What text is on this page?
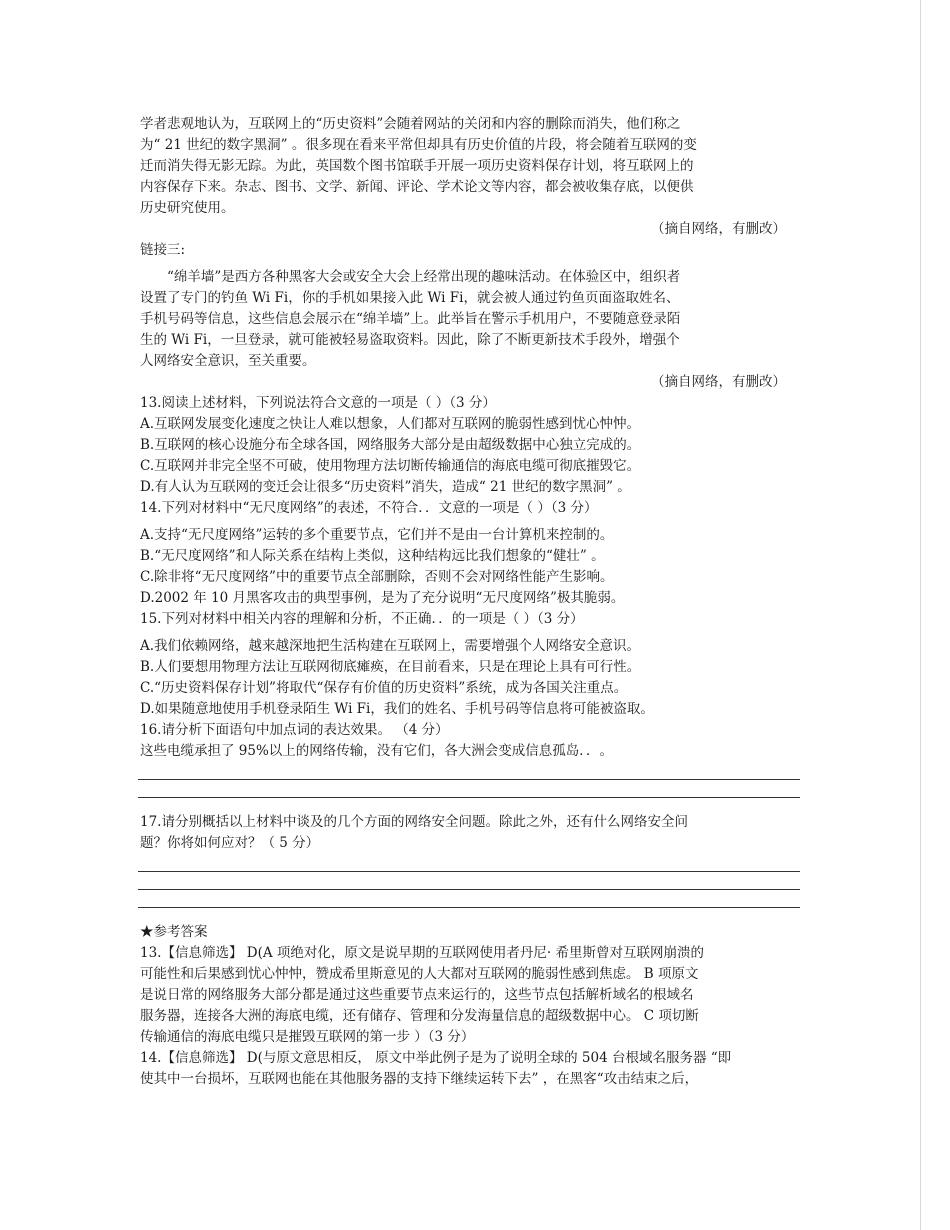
学者悲观地认为，互联网上的“历史资料”会随着网站的关闭和内容的删除而消失，他们称之
为“ 21 世纪的数字黑洞” 。很多现在看来平常但却具有历史价值的片段，将会随着互联网的变
迁而消失得无影无踪。为此，英国数个图书馆联手开展一项历史资料保存计划，将互联网上的
内容保存下来。杂志、图书、文学、新闻、评论、学术论文等内容，都会被收集存底，以便供
历史研究使用。
（摘自网络，有删改）
链接三:
“绵羊墙”是西方各种黑客大会或安全大会上经常出现的趣味活动。在体验区中，组织者
设置了专门的钓鱼 Wi Fi，你的手机如果接入此 Wi Fi，就会被人通过钓鱼页面盗取姓名、
手机号码等信息，这些信息会展示在“绵羊墙”上。此举旨在警示手机用户，不要随意登录陌
生的 Wi Fi，一旦登录，就可能被轻易盗取资料。因此，除了不断更新技术手段外，增强个
人网络安全意识，至关重要。
（摘自网络，有删改）
13.阅读上述材料，下列说法符合文意的一项是（ ）（3 分）
A.互联网发展变化速度之快让人难以想象，人们都对互联网的脆弱性感到忧心忡忡。
B.互联网的核心设施分布全球各国，网络服务大部分是由超级数据中心独立完成的。
C.互联网并非完全坚不可破，使用物理方法切断传输通信的海底电缆可彻底摧毁它。
D.有人认为互联网的变迁会让很多“历史资料”消失，造成“ 21 世纪的数字黑洞” 。
14.下列对材料中“无尺度网络”的表述，不符合．．文意的一项是（ ）（3 分）
A.支持“无尺度网络”运转的多个重要节点，它们并不是由一台计算机来控制的。
B.“无尺度网络”和人际关系在结构上类似，这种结构远比我们想象的“健壮” 。
C.除非将“无尺度网络”中的重要节点全部删除，否则不会对网络性能产生影响。
D.2002 年 10 月黑客攻击的典型事例，是为了充分说明“无尺度网络”极其脆弱。
15.下列对材料中相关内容的理解和分析，不正确．．的一项是（ ）（3 分）
A.我们依赖网络，越来越深地把生活构建在互联网上，需要增强个人网络安全意识。
B.人们要想用物理方法让互联网彻底瘫痪，在目前看来，只是在理论上具有可行性。
C.“历史资料保存计划”将取代“保存有价值的历史资料”系统，成为各国关注重点。
D.如果随意地使用手机登录陌生 Wi Fi，我们的姓名、手机号码等信息将可能被盗取。
16.请分析下面语句中加点词的表达效果。 （4 分）
这些电缆承担了 95%以上的网络传输，没有它们，各大洲会变成信息孤岛．．。
17.请分别概括以上材料中谈及的几个方面的网络安全问题。除此之外，还有什么网络安全问
题？你将如何应对？（ 5 分）
★参考答案
13.【信息筛选】 D(A 项绝对化，原文是说早期的互联网使用者丹尼· 希里斯曾对互联网崩溃的
可能性和后果感到忧心忡忡，赞成希里斯意见的人大都对互联网的脆弱性感到焦虑。 B 项原文
是说日常的网络服务大部分都是通过这些重要节点来运行的，这些节点包括解析域名的根域名
服务器，连接各大洲的海底电缆，还有储存、管理和分发海量信息的超级数据中心。 C 项切断
传输通信的海底电缆只是摧毁互联网的第一步 ）（3 分）
14.【信息筛选】 D(与原文意思相反， 原文中举此例子是为了说明全球的 504 台根域名服务器 “即
使其中一台损坏，互联网也能在其他服务器的支持下继续运转下去” ，在黑客“攻击结束之后，
